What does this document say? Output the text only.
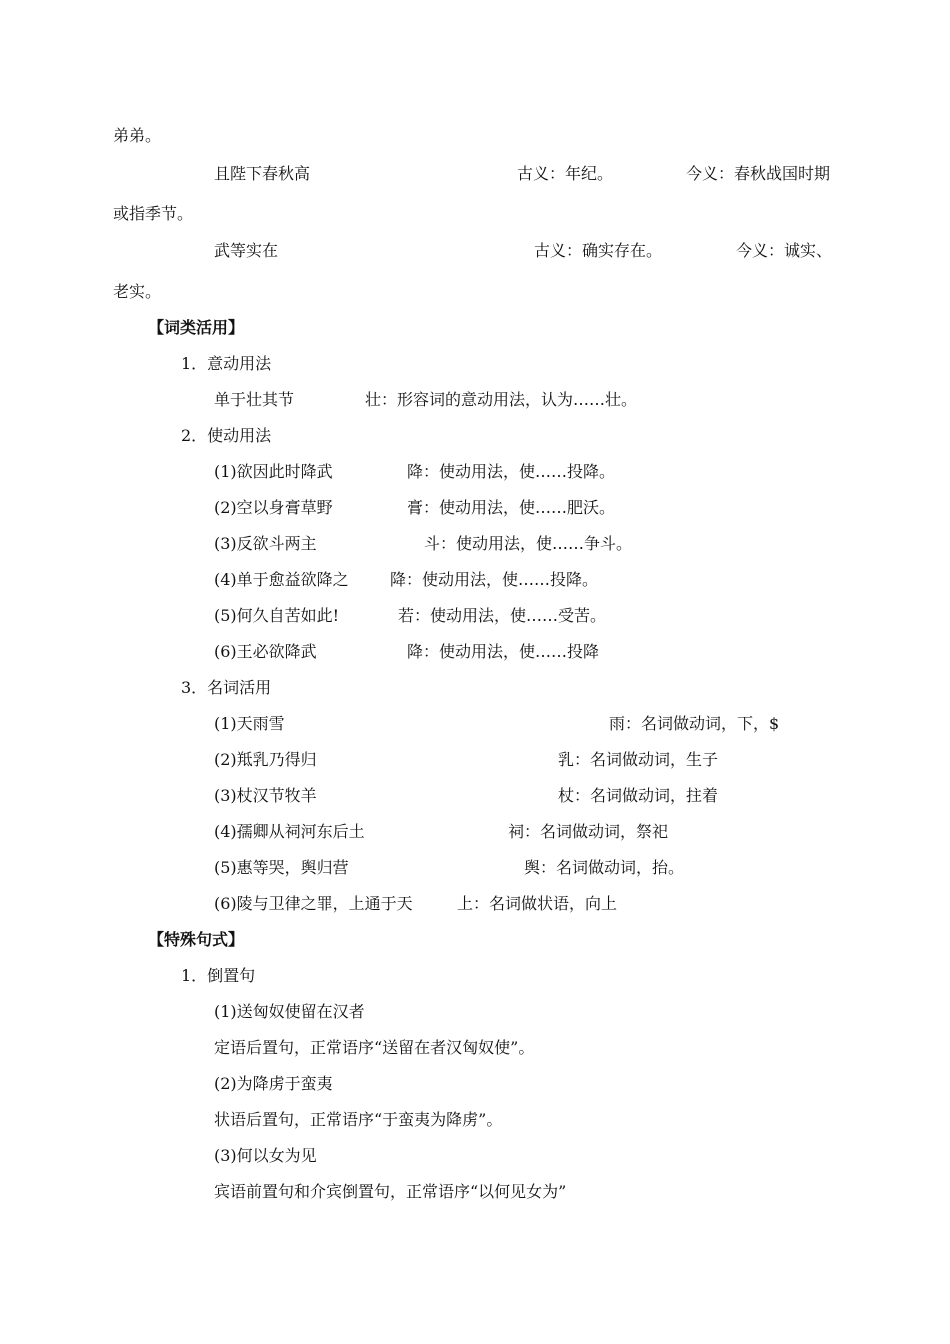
弟弟。
且陛下春秋高	古义：年纪。	今义：春秋战国时期
或指季节。
武等实在	古义：确实存在。	今义：诚实、
老实。
【词类活用】
1．意动用法
单于壮其节	壮：形容词的意动用法，认为……壮。
2．使动用法
(1)欲因此时降武	降：使动用法，使……投降。
(2)空以身膏草野	膏：使动用法，使……肥沃。
(3)反欲斗两主	斗：使动用法，使……争斗。
(4)单于愈益欲降之	降：使动用法，使……投降。
(5)何久自苦如此!	若：使动用法，使……受苦。
(6)王必欲降武	降：使动用法，使……投降
3．名词活用
(1)天雨雪	雨：名词做动词，下，$
(2)羝乳乃得归	乳：名词做动词，生子
(3)杖汉节牧羊	杖：名词做动词，拄着
(4)孺卿从祠河东后土	祠：名词做动词，祭祀
(5)惠等哭，舆归营	舆：名词做动词，抬。
(6)陵与卫律之罪，上通于天	上：名词做状语，向上
【特殊句式】
1．倒置句
(1)送匈奴使留在汉者
定语后置句，正常语序“送留在者汉匈奴使”。
(2)为降虏于蛮夷
状语后置句，正常语序“于蛮夷为降虏”。
(3)何以女为见
宾语前置句和介宾倒置句，正常语序“以何见女为”
